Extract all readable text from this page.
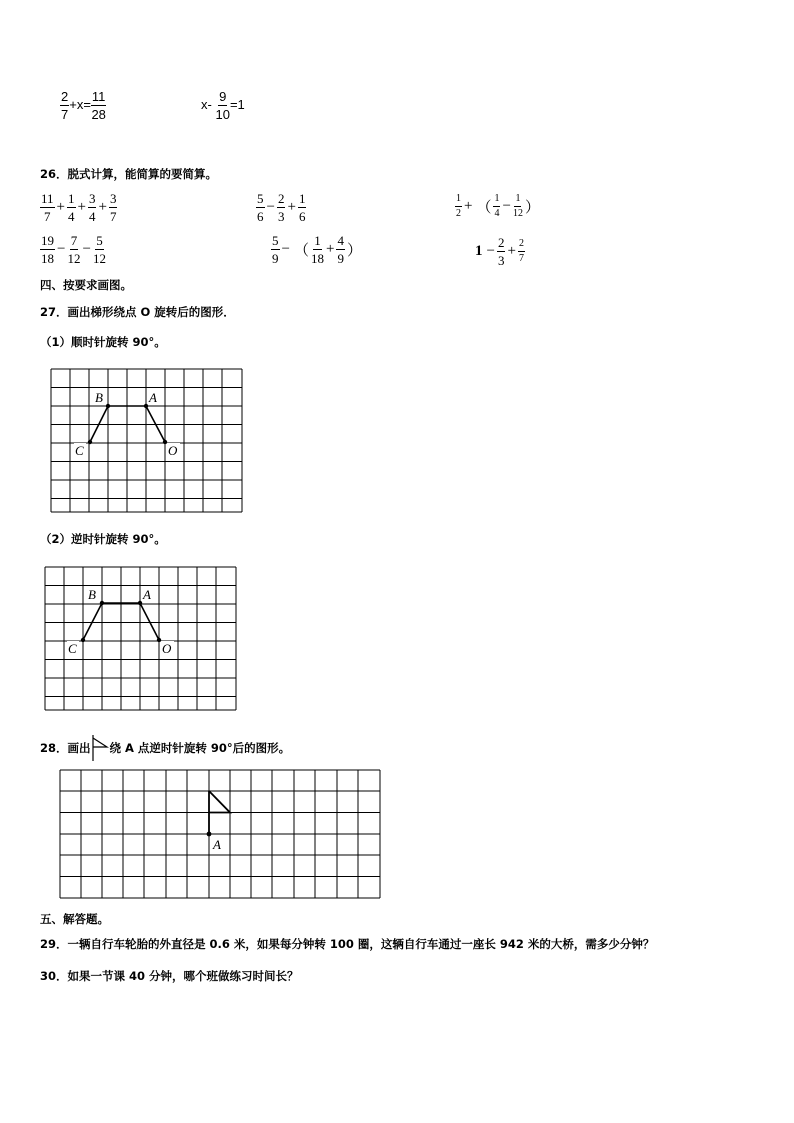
$\frac{2}{7} +x= \frac{11}{28}$	$x- \frac{9}{10} =1$
26．脱式计算，能简算的要简算。
$\frac{11}{7} + \frac{1}{4} + \frac{3}{4} + \frac{3}{7}$	$\frac{5}{6} - \frac{2}{3} + \frac{1}{6}$	$\frac{1}{2}$ + （ $\frac{1}{4} - \frac{1}{12}$ ）
$\frac{19}{18} - \frac{7}{12} - \frac{5}{12}$	$\frac{5}{9}$ − （ $\frac{1}{18} + \frac{4}{9}$ ）	$1 - \frac{2}{3} + \frac{2}{7}$
四、按要求画图。
27．画出梯形绕点 O 旋转后的图形．
（1）顺时针旋转 90°。
B	A
C	O
（2）逆时针旋转 90°。
B	A
C	O
28．画出 绕 A 点逆时针旋转 90°后的图形。
A
五、解答题。
29．一辆自行车轮胎的外直径是 0.6 米，如果每分钟转 100 圈，这辆自行车通过一座长 942 米的大桥，需多少分钟？
30．如果一节课 40 分钟，哪个班做练习时间长？
